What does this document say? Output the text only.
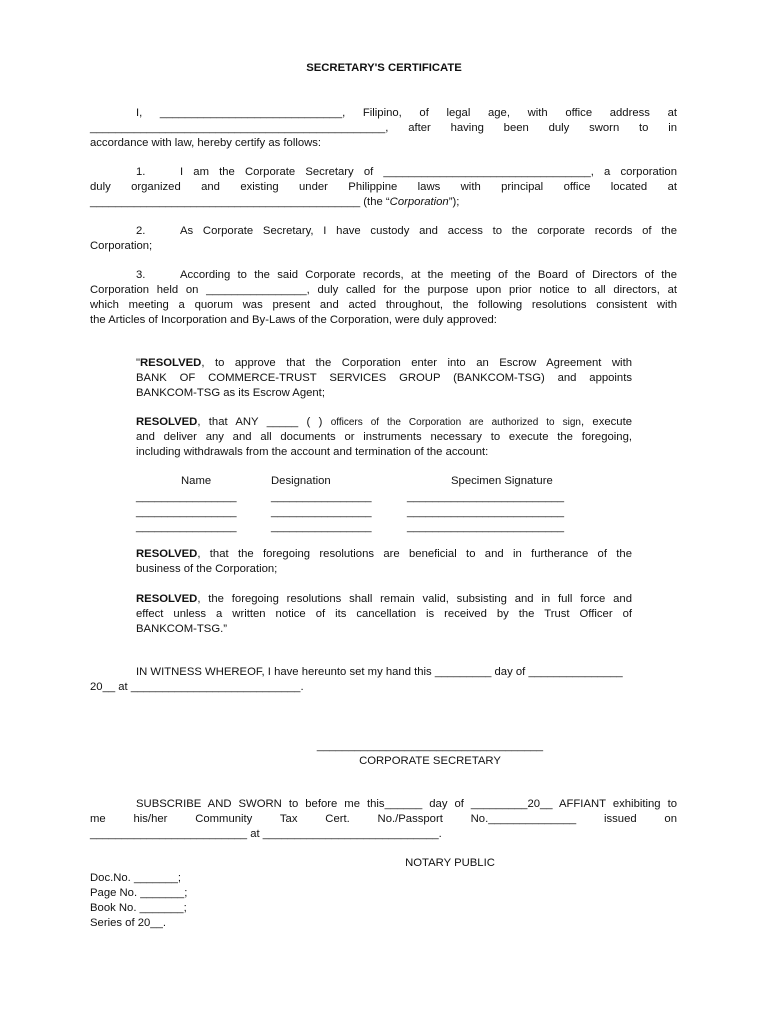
SECRETARY'S CERTIFICATE
I, _____________________________, Filipino, of legal age, with office address at
_______________________________________________, after having been duly sworn to in
accordance with law, hereby certify as follows:
1.	I am the Corporate Secretary of _________________________________, a corporation
duly organized and existing under Philippine laws with principal office located at
___________________________________________ (the “Corporation”);
2.	As Corporate Secretary, I have custody and access to the corporate records of the
Corporation;
3.	According to the said Corporate records, at the meeting of the Board of Directors of the
Corporation held on ________________, duly called for the purpose upon prior notice to all directors, at
which meeting a quorum was present and acted throughout, the following resolutions consistent with
the Articles of Incorporation and By-Laws of the Corporation, were duly approved:
"RESOLVED, to approve that the Corporation enter into an Escrow Agreement with
BANK OF COMMERCE-TRUST SERVICES GROUP (BANKCOM-TSG) and appoints
BANKCOM-TSG as its Escrow Agent;
RESOLVED, that ANY _____ ( ) officers of the Corporation are authorized to sign, execute
and deliver any and all documents or instruments necessary to execute the foregoing,
including withdrawals from the account and termination of the account:
Name	Designation	Specimen Signature
________________	________________	_________________________
________________	________________	_________________________
________________	________________	_________________________
RESOLVED, that the foregoing resolutions are beneficial to and in furtherance of the
business of the Corporation;
RESOLVED, the foregoing resolutions shall remain valid, subsisting and in full force and
effect unless a written notice of its cancellation is received by the Trust Officer of
BANKCOM-TSG.”
IN WITNESS WHEREOF, I have hereunto set my hand this _________ day of _______________
20__ at ___________________________.
____________________________________
CORPORATE SECRETARY
SUBSCRIBE AND SWORN to before me this______ day of _________20__ AFFIANT exhibiting to
me his/her Community Tax Cert. No./Passport No.______________ issued on
_________________________ at ____________________________.
NOTARY PUBLIC
Doc.No. _______;
Page No. _______;
Book No. _______;
Series of 20__.
